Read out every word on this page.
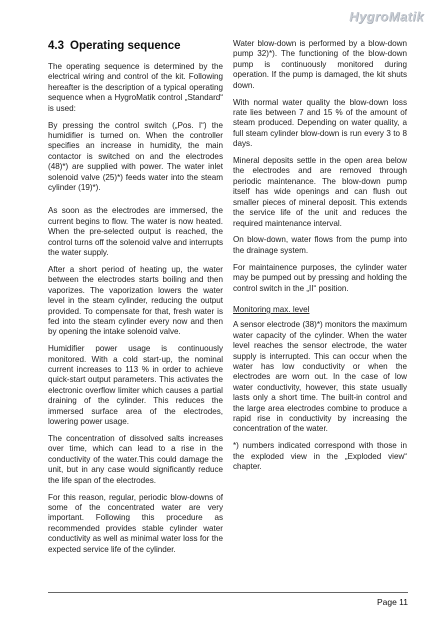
HygroMatik
4.3 Operating sequence

The operating sequence is determined by the electrical wiring and control of the kit. Following hereafter is the description of a typical operating sequence when a HygroMatik control „Standard“ is used:

By pressing the control switch („Pos. I“) the humidifier is turned on. When the controller specifies an increase in humidity, the main contactor is switched on and the electrodes (48)*) are supplied with power. The water inlet solenoid valve (25)*) feeds water into the steam cylinder (19)*).

As soon as the electrodes are immersed, the current begins to flow. The water is now heated. When the pre-selected output is reached, the control turns off the solenoid valve and interrupts the water supply.

After a short period of heating up, the water between the electrodes starts boiling and then vaporizes. The vaporization lowers the water level in the steam cylinder, reducing the output provided. To compensate for that, fresh water is fed into the steam cylinder every now and then by opening the intake solenoid valve.

Humidifier power usage is continuously monitored. With a cold start-up, the nominal current increases to 113 % in order to achieve quick-start output parameters. This activates the electronic overflow limiter which causes a partial draining of the cylinder. This reduces the immersed surface area of the electrodes, lowering power usage.

The concentration of dissolved salts increases over time, which can lead to a rise in the conductivity of the water.This could damage the unit, but in any case would significantly reduce the life span of the electrodes.

For this reason, regular, periodic blow-downs of some of the concentrated water are very important. Following this procedure as recommended provides stable cylinder water conductivity as well as minimal water loss for the expected service life of the cylinder.

Water blow-down is performed by a blow-down pump 32)*). The functioning of the blow-down pump is continuously monitored during operation. If the pump is damaged, the kit shuts down.

With normal water quality the blow-down loss rate lies between 7 and 15 % of the amount of steam produced. Depending on water quality, a full steam cylinder blow-down is run every 3 to 8 days.

Mineral deposits settle in the open area below the electrodes and are removed through periodic maintenance. The blow-down pump itself has wide openings and can flush out smaller pieces of mineral deposit. This extends the service life of the unit and reduces the required maintenance interval.

On blow-down, water flows from the pump into the drainage system.

For maintainence purposes, the cylinder water may be pumped out by pressing and holding the control switch in the „II“ position.

Monitoring max. level

A sensor electrode (38)*) monitors the maximum water capacity of the cylinder. When the water level reaches the sensor electrode, the water supply is interrupted. This can occur when the water has low conductivity or when the electrodes are worn out. In the case of low water conductivity, however, this state usually lasts only a short time. The built-in control and the large area electrodes combine to produce a rapid rise in conductivity by increasing the concentration of the water.

*) numbers indicated correspond with those in the exploded view in the „Exploded view“ chapter.

Page 11
